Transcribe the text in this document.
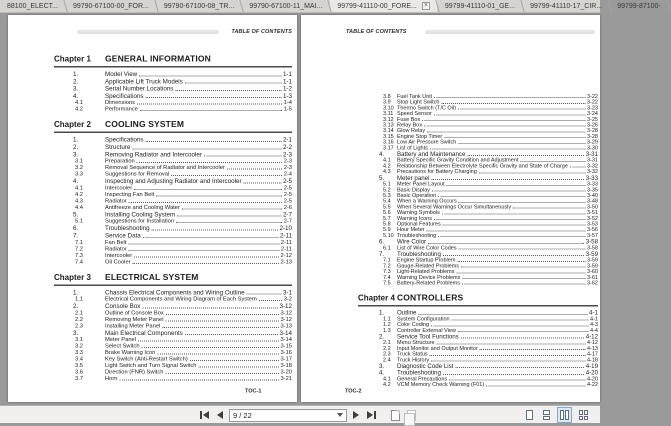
88100_ELECT... 99790-67100-00_FOR... 99790-67100-08_TR... 99790-67100-11_MAI... 99799-41110-00_FORE... × 99799-41110-01_GE... 99799-41110-17_CIR... 99799-87100-
TABLE OF CONTENTS
Chapter 1 GENERAL INFORMATION
1.	Model View	1-1
2.	Applicable Lift Truck Models	1-1
3.	Serial Number Locations	1-2
4.	Specifications	1-3
4.1	Dimensions	1-4
4.2	Performance	1-5
Chapter 2 COOLING SYSTEM
1.	Specifications	2-1
2.	Structure	2-2
3.	Removing Radiator and Intercooler	2-3
3.1	Preparation	2-3
3.2	Removal Sequence of Radiator and Intercooler	2-3
3.3	Suggestions for Removal	2-4
4.	Inspecting and Adjusting Radiator and Intercooler	2-5
4.1	Intercooler	2-5
4.2	Inspecting Fan Belt	2-5
4.3	Radiator	2-5
4.4	Antifreeze and Cooling Water	2-6
5.	Installing Cooling System	2-7
5.1	Suggestions for Installation	2-7
6.	Troubleshooting	2-10
7.	Service Data	2-11
7.1	Fan Belt	2-11
7.2	Radiator	2-11
7.3	Intercooler	2-12
7.4	Oil Cooler	2-13
Chapter 3 ELECTRICAL SYSTEM
1.	Chassis Electrical Components and Wiring Outline	3-1
1.1	Electrical Components and Wiring Diagram of Each System 3-2
2.	Console Box	3-12
2.1	Outline of Console Box	3-12
2.2	Removing Meter Panel	3-12
2.3	Installing Meter Panel	3-13
3.	Main Electrical Components	3-14
3.1	Meter Panel	3-14
3.2	Select Switch	3-15
3.3	Brake Warning Icon	3-16
3.4	Key Switch (Anti-Restart Switch)	3-17
3.5	Light Switch and Turn Signal Switch	3-18
3.6	Direction (FNR) Switch	3-20
3.7	Horn	3-21
TOC-1
TABLE OF CONTENTS
3.8 Fuel Tank Unit	3-22
3.9 Stop Light Switch	3-22
3.10 Thermo Switch (T/C Oil)	3-23
3.11 Speed Sensor	3-24
3.12 Fuse Box	3-25
3.13 Relay Box	3-26
3.14 Glow Relay	3-28
3.15 Engine Stop Timer	3-28
3.16 Low Air Pressure Switch	3-29
3.17 List of Lights	3-30
4.	Battery and Maintenance	3-31
4.1 Battery Specific Gravity Condition and Adjustment	3-31
4.2 Relationship Between Electrolyte Specific Gravity and State of Charge 3-32
4.3 Precautions for Battery Charging	3-32
5.	Meter panel	3-33
5.1 Meter Panel Layout	3-33
5.2 Basic Display	3-35
5.3 Basic Operation	3-40
5.4 When a Warning Occurs	3-48
5.5 When Several Warnings Occur Simultaneously	3-50
5.6 Warning Symbols	3-51
5.7 Warning Icons	3-52
5.8 Optional Features	3-53
5.9 Hour Meter	3-56
5.10 Troubleshooting	3-57
6.	Wire Color	3-58
6.1 List of Wire Color Codes	3-58
7.	Troubleshooting	3-59
7.1 Engine Startup Problem	3-59
7.2 Gauge-Related Problems	3-59
7.3 Light-Related Problems	3-60
7.4 Warning Device Problems	3-61
7.5 Battery-Related Problems	3-62
Chapter 4 CONTROLLERS
1.	Outline	4-1
1.1 System Configuration	4-1
1.2 Color Coding	4-3
1.3 Controller External View	4-4
2.	Service Tool Functions	4-12
2.1 Menu Structure	4-12
2.2 Input Monitor and Output Monitor	4-13
2.3 Truck Status	4-17
2.4 Truck History	4-18
3.	Diagnostic Code List	4-19
4.	Troubleshooting	4-20
4.1 General Precautions	4-20
4.2 VCM Memory Check Warning (F01)	4-22
TOC-2
9 / 22
